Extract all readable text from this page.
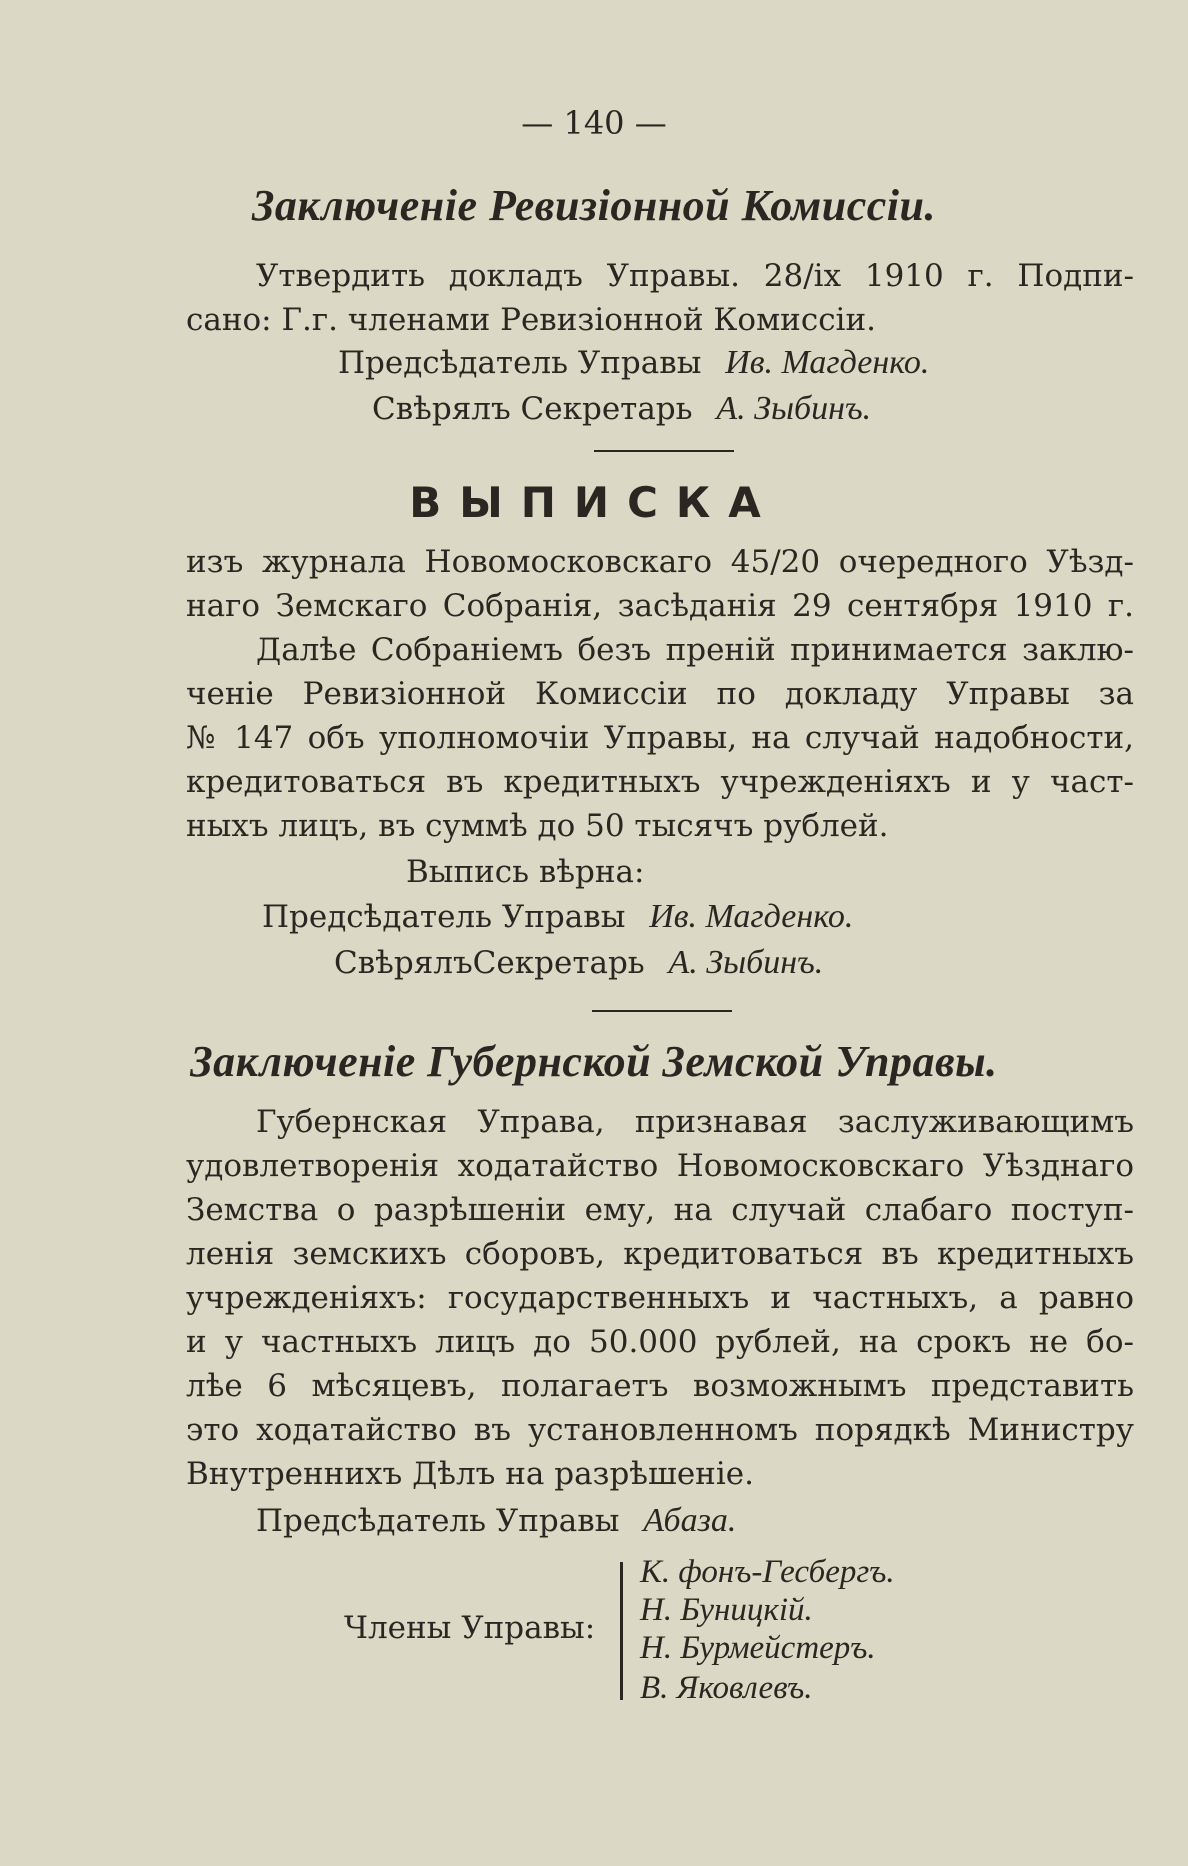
— 140 —
Заключеніе Ревизіонной Комиссіи.
Утвердить докладъ Управы. 28/ix 1910 г. Подпи-
сано: Г.г. членами Ревизіонной Комиссіи.
Предсѣдатель Управы Ив. Магденко.
Свѣрялъ Секретарь А. Зыбинъ.
ВЫПИСКА
изъ журнала Новомосковскаго 45/20 очередного Уѣзд-
наго Земскаго Собранія, засѣданія 29 сентября 1910 г.
Далѣе Собраніемъ безъ преній принимается заклю-
ченіе Ревизіонной Комиссіи по докладу Управы за
№ 147 объ уполномочіи Управы, на случай надобности,
кредитоваться въ кредитныхъ учрежденіяхъ и у част-
ныхъ лицъ, въ суммѣ до 50 тысячъ рублей.
Выпись вѣрна:
Предсѣдатель Управы Ив. Магденко.
СвѣрялъСекретарь А. Зыбинъ.
Заключеніе Губернской Земской Управы.
Губернская Управа, признавая заслуживающимъ
удовлетворенія ходатайство Новомосковскаго Уѣзднаго
Земства о разрѣшеніи ему, на случай слабаго поступ-
ленія земскихъ сборовъ, кредитоваться въ кредитныхъ
учрежденіяхъ: государственныхъ и частныхъ, а равно
и у частныхъ лицъ до 50.000 рублей, на срокъ не бо-
лѣе 6 мѣсяцевъ, полагаетъ возможнымъ представить
это ходатайство въ установленномъ порядкѣ Министру
Внутреннихъ Дѣлъ на разрѣшеніе.
Предсѣдатель Управы Абаза.
Члены Управы:
К. фонъ-Гесбергъ.
Н. Буницкій.
Н. Бурмейстеръ.
В. Яковлевъ.
